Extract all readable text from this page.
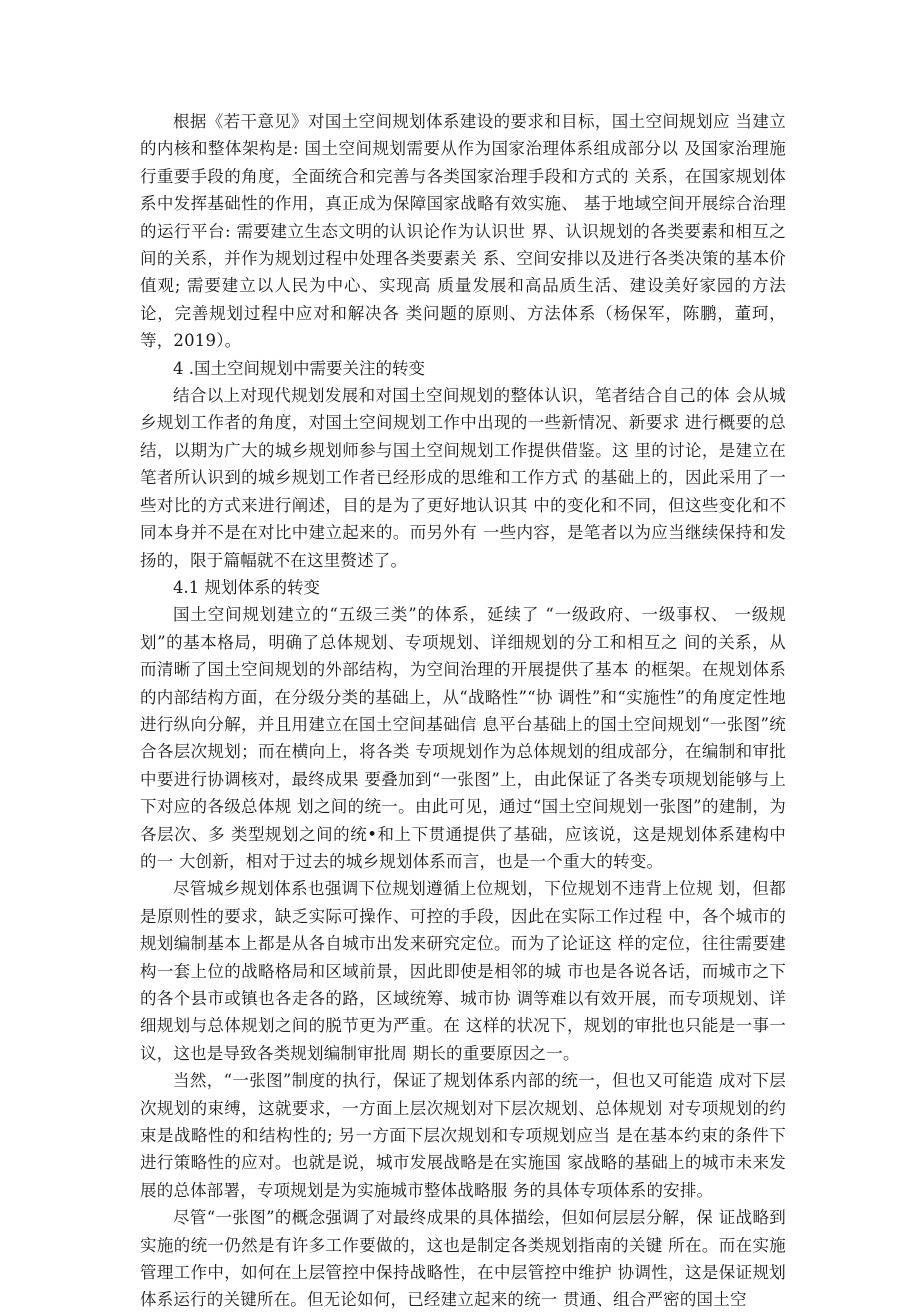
根据《若干意见》对国土空间规划体系建设的要求和目标，国土空间规划应 当建立的内核和整体架构是: 国土空间规划需要从作为国家治理体系组成部分以 及国家治理施行重要手段的角度，全面统合和完善与各类国家治理手段和方式的 关系，在国家规划体系中发挥基础性的作用，真正成为保障国家战略有效实施、 基于地域空间开展综合治理的运行平台: 需要建立生态文明的认识论作为认识世 界、认识规划的各类要素和相互之间的关系，并作为规划过程中处理各类要素关 系、空间安排以及进行各类决策的基本价值观; 需要建立以人民为中心、实现高 质量发展和高品质生活、建设美好家园的方法论，完善规划过程中应对和解决各 类问题的原则、方法体系（杨保军，陈鹏，董珂，等，2019）。

4 .国土空间规划中需要关注的转变

结合以上对现代规划发展和对国土空间规划的整体认识，笔者结合自己的体 会从城乡规划工作者的角度，对国土空间规划工作中出现的一些新情况、新要求 进行概要的总结，以期为广大的城乡规划师参与国土空间规划工作提供借鉴。这 里的讨论，是建立在笔者所认识到的城乡规划工作者已经形成的思维和工作方式 的基础上的，因此采用了一些对比的方式来进行阐述，目的是为了更好地认识其 中的变化和不同，但这些变化和不同本身并不是在对比中建立起来的。而另外有 一些内容，是笔者以为应当继续保持和发扬的，限于篇幅就不在这里赘述了。

4.1 规划体系的转变

国土空间规划建立的“五级三类”的体系，延续了 “一级政府、一级事权、 一级规划”的基本格局，明确了总体规划、专项规划、详细规划的分工和相互之 间的关系，从而清晰了国土空间规划的外部结构，为空间治理的开展提供了基本 的框架。在规划体系的内部结构方面，在分级分类的基础上，从“战略性”“协 调性”和“实施性”的角度定性地进行纵向分解，并且用建立在国土空间基础信 息平台基础上的国土空间规划“一张图”统合各层次规划；而在横向上，将各类 专项规划作为总体规划的组成部分，在编制和审批中要进行协调核对，最终成果 要叠加到“一张图”上，由此保证了各类专项规划能够与上下对应的各级总体规 划之间的统一。由此可见，通过“国土空间规划一张图”的建制，为各层次、多 类型规划之间的统•和上下贯通提供了基础，应该说，这是规划体系建构中的一 大创新，相对于过去的城乡规划体系而言，也是一个重大的转变。

尽管城乡规划体系也强调下位规划遵循上位规划，下位规划不违背上位规 划，但都是原则性的要求，缺乏实际可操作、可控的手段，因此在实际工作过程 中，各个城市的规划编制基本上都是从各自城市出发来研究定位。而为了论证这 样的定位，往往需要建构一套上位的战略格局和区域前景，因此即使是相邻的城 市也是各说各话，而城市之下的各个县市或镇也各走各的路，区域统筹、城市协 调等难以有效开展，而专项规划、详细规划与总体规划之间的脱节更为严重。在 这样的状况下，规划的审批也只能是一事一议，这也是导致各类规划编制审批周 期长的重要原因之一。

当然，“一张图”制度的执行，保证了规划体系内部的统一，但也又可能造 成对下层次规划的束缚，这就要求，一方面上层次规划对下层次规划、总体规划 对专项规划的约束是战略性的和结构性的; 另一方面下层次规划和专项规划应当 是在基本约束的条件下进行策略性的应对。也就是说，城市发展战略是在实施国 家战略的基础上的城市未来发展的总体部署，专项规划是为实施城市整体战略服 务的具体专项体系的安排。

尽管“一张图”的概念强调了对最终成果的具体描绘，但如何层层分解，保 证战略到实施的统一仍然是有许多工作要做的，这也是制定各类规划指南的关键 所在。而在实施管理工作中，如何在上层管控中保持战略性，在中层管控中维护 协调性，这是保证规划体系运行的关键所在。但无论如何，已经建立起来的统一 贯通、组合严密的国土空
